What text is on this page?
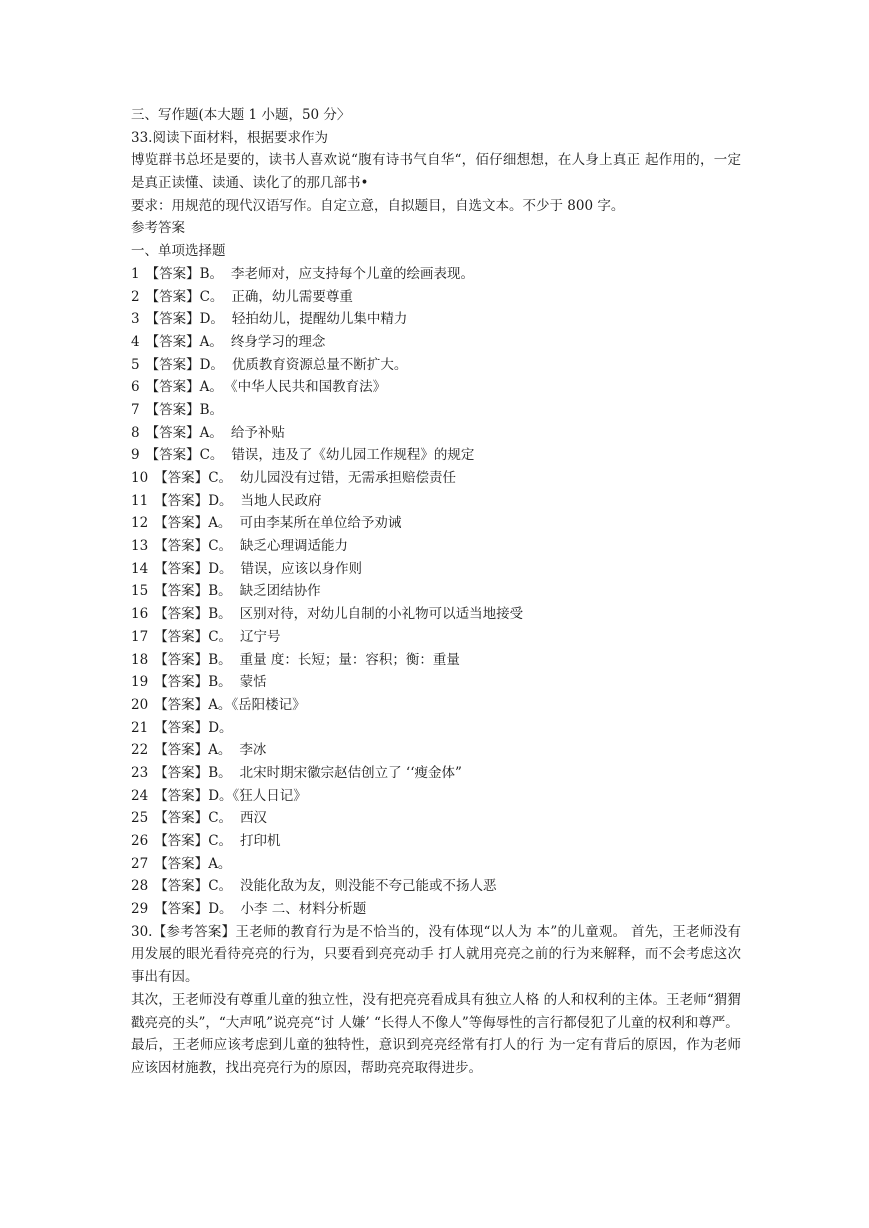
三、写作题(本大题 1 小题，50 分〉
33.阅读下面材料，根据要求作为
博览群书总坯是要的，读书人喜欢说“腹有诗书气自华“，佰仔细想想，在人身上真正 起作用的，一定是真正读懂、读通、读化了的那几部书•
要求：用规范的现代汉语写作。自定立意，自拟题目，自选文本。不少于 800 字。
参考答案
一、单项选择题
1 【答案】B。 李老师对，应支持每个儿童的绘画表现。
2 【答案】C。 正确，幼儿需要尊重
3 【答案】D。 轻拍幼儿，提醒幼儿集中精力
4 【答案】A。 终身学习的理念
5 【答案】D。 优质教育资源总量不断扩大。
6 【答案】A。 《中华人民共和国教育法》
7 【答案】B。
8 【答案】A。 给予补贴
9 【答案】C。 错误，违及了《幼儿园工作规程》的规定
10 【答案】C。 幼儿园没有过错，无需承担赔偿责任
11 【答案】D。 当地人民政府
12 【答案】A。 可由李某所在单位给予劝诫
13 【答案】C。 缺乏心理调适能力
14 【答案】D。 错误，应该以身作则
15 【答案】B。 缺乏团结协作
16 【答案】B。 区别对待，对幼儿自制的小礼物可以适当地接受
17 【答案】C。 辽宁号
18 【答案】B。 重量 度：长短；量：容积；衡：重量
19 【答案】B。 蒙恬
20 【答案】A。《岳阳楼记》
21 【答案】D。
22 【答案】A。 李冰
23 【答案】B。 北宋时期宋徽宗赵佶创立了 ‘‘瘦金体”
24 【答案】D。《狂人日记》
25 【答案】C。 西汉
26 【答案】C。 打印机
27 【答案】A。
28 【答案】C。 没能化敌为友，则没能不夸己能或不扬人恶
29 【答案】D。 小李 二、材料分析题
30.【参考答案】王老师的教育行为是不恰当的，没有体现“以人为 本”的儿童观。 首先，王老师没有用发展的眼光看待亮亮的行为，只要看到亮亮动手 打人就用亮亮之前的行为来解释，而不会考虑这次事出有因。
其次，王老师没有尊重儿童的独立性，没有把亮亮看成具有独立人格 的人和权利的主体。王老师“猬猬戳亮亮的头”，“大声吼”说亮亮“讨 人嫌’ “长得人不像人”等侮辱性的言行都侵犯了儿童的权利和尊严。
最后，王老师应该考虑到儿童的独特性，意识到亮亮经常有打人的行 为一定有背后的原因，作为老师应该因材施教，找出亮亮行为的原因，帮助亮亮取得进步。
